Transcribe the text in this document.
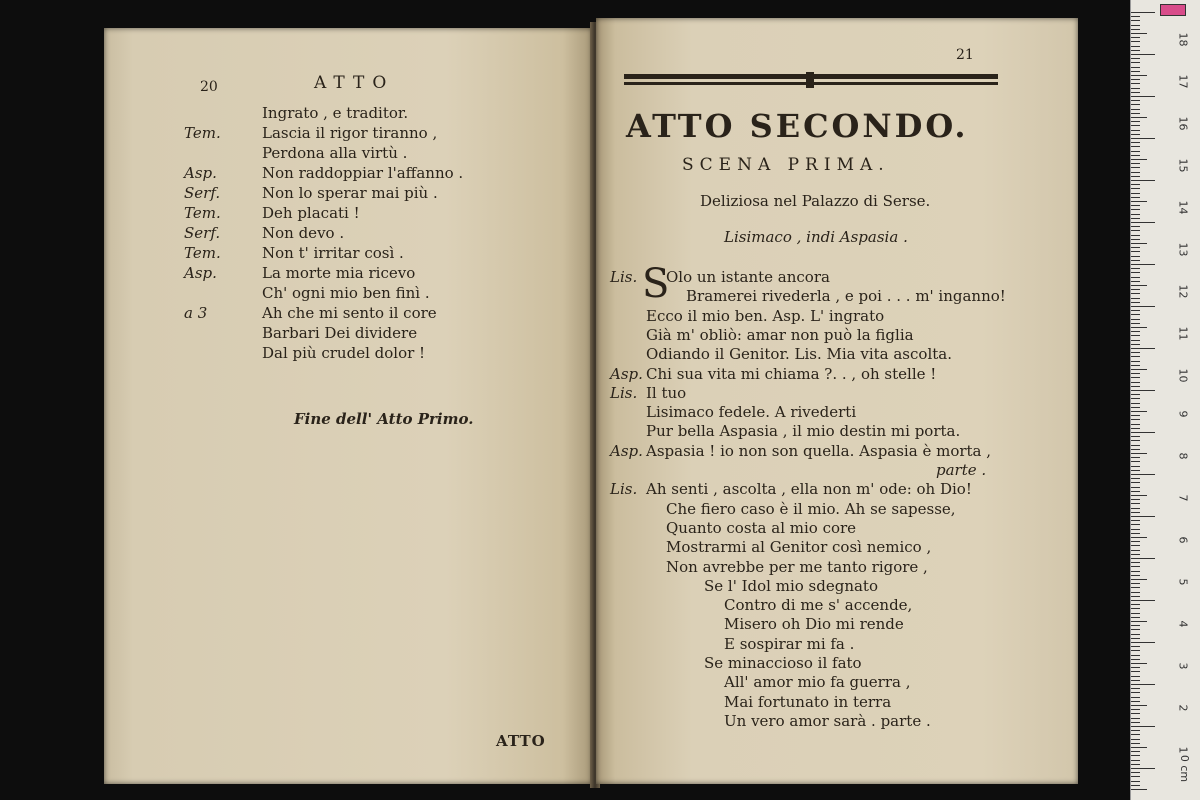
20	ATTO
Ingrato , e traditor.
Tem.	Lascia il rigor tiranno ,
Perdona alla virtù .
Asp.	Non raddoppiar l'affanno .
Serf.	Non lo sperar mai più .
Tem.	Deh placati !
Serf.	Non devo .
Tem.	Non t' irritar così .
Asp.	La morte mia ricevo
Ch' ogni mio ben finì .
a 3	Ah che mi sento il core
Barbari Dei dividere
Dal più crudel dolor !
Fine dell' Atto Primo.
ATTO
21
ATTO SECONDO.
SCENA PRIMA.
Deliziosa nel Palazzo di Serse.
Lisimaco , indi Aspasia .
Lis. S
Olo un istante ancora
Bramerei rivederla , e poi . . . m' inganno!
Ecco il mio ben. Asp. L' ingrato
Già m' obliò: amar non può la figlia
Odiando il Genitor. Lis. Mia vita ascolta.
Asp. Chi sua vita mi chiama ?. . , oh stelle !
Lis. Il tuo
Lisimaco fedele. A rivederti
Pur bella Aspasia , il mio destin mi porta.
Asp. Aspasia ! io non son quella. Aspasia è morta ,
parte .
Lis. Ah senti , ascolta , ella non m' ode: oh Dio!
Che fiero caso è il mio. Ah se sapesse,
Quanto costa al mio core
Mostrarmi al Genitor così nemico ,
Non avrebbe per me tanto rigore ,
Se l' Idol mio sdegnato
Contro di me s' accende,
Misero oh Dio mi rende
E sospirar mi fa .
Se minaccioso il fato
All' amor mio fa guerra ,
Mai fortunato in terra
Un vero amor sarà . parte .
18
17
16
15
14
13
12
11
10
9
8
7
6
5
4
3
2
1
0 cm
